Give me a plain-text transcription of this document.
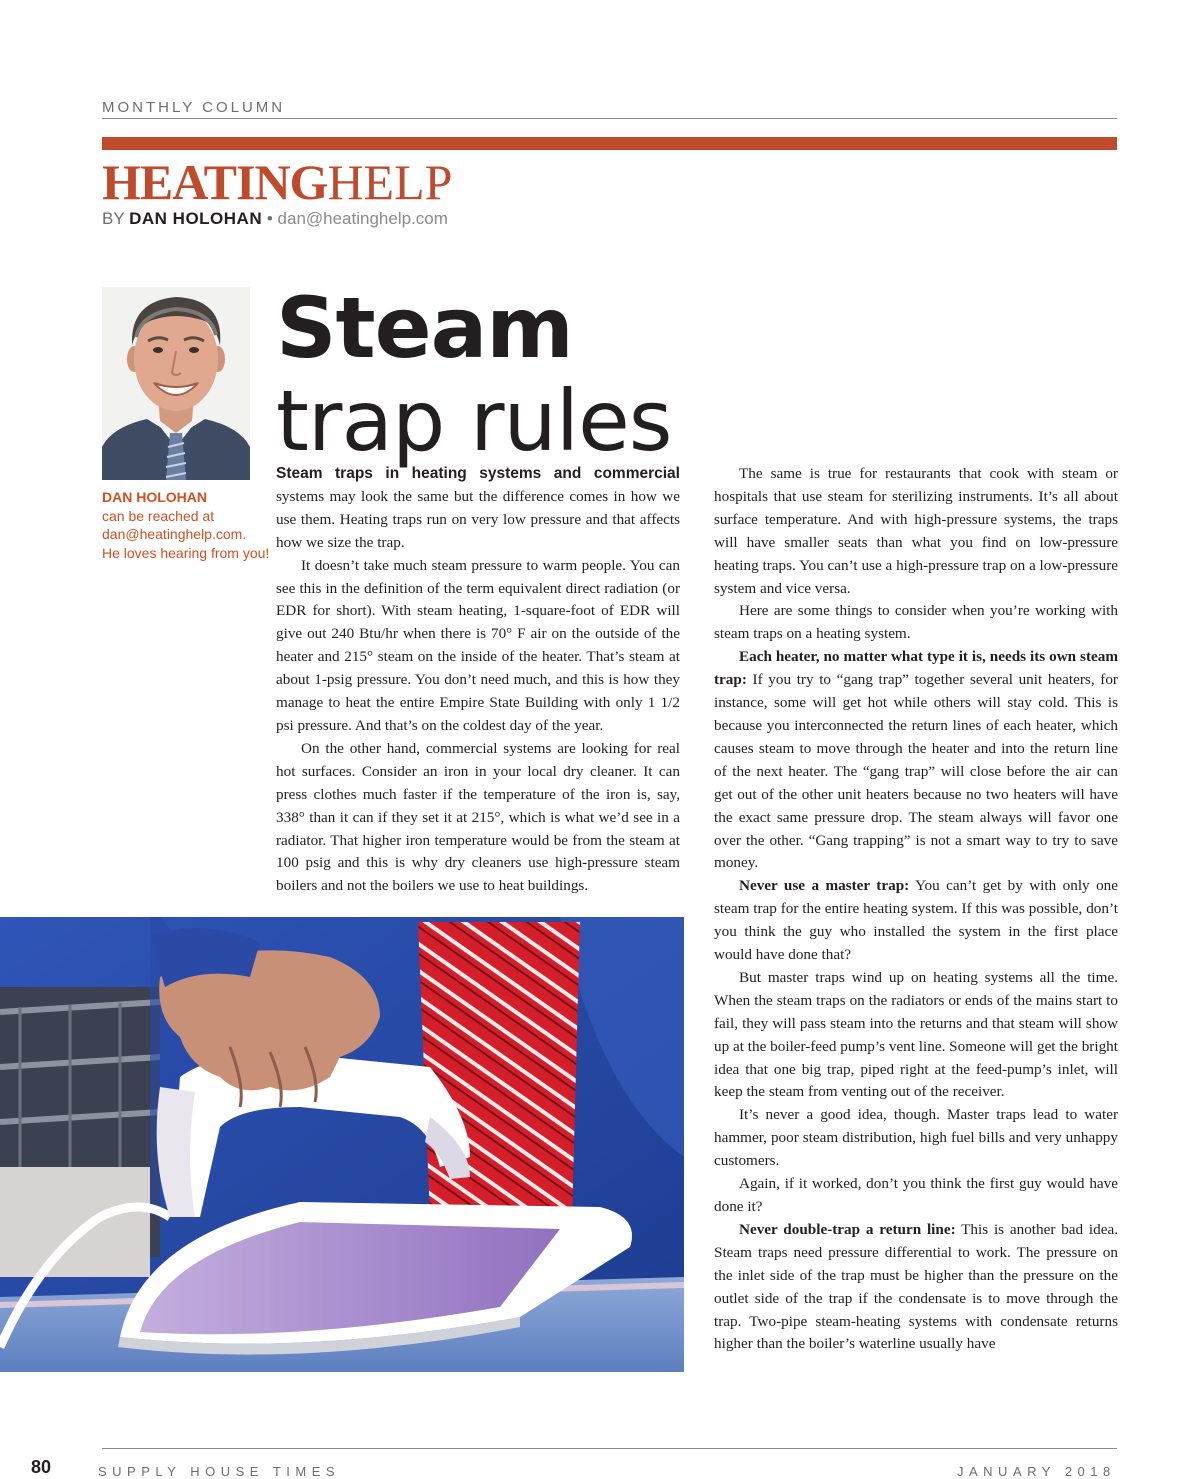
MONTHLY COLUMN
HEATINGHELP
BY DAN HOLOHAN • dan@heatinghelp.com
DAN HOLOHAN
can be reached at
dan@heatinghelp.com.
He loves hearing from you!
Steam
trap rules

Steam traps in heating systems and commercial systems may look the same but the difference comes in how we use them. Heating traps run on very low pressure and that affects how we size the trap.

It doesn’t take much steam pressure to warm people. You can see this in the definition of the term equivalent direct radiation (or EDR for short). With steam heating, 1-square-foot of EDR will give out 240 Btu/hr when there is 70° F air on the outside of the heater and 215° steam on the inside of the heater. That’s steam at about 1-psig pressure. You don’t need much, and this is how they manage to heat the entire Empire State Building with only 1 1/2 psi pressure. And that’s on the coldest day of the year.

On the other hand, commercial systems are looking for real hot surfaces. Consider an iron in your local dry cleaner. It can press clothes much faster if the temperature of the iron is, say, 338° than it can if they set it at 215°, which is what we’d see in a radiator. That higher iron temperature would be from the steam at 100 psig and this is why dry cleaners use high-pressure steam boilers and not the boilers we use to heat buildings.

The same is true for restaurants that cook with steam or hospitals that use steam for sterilizing instruments. It’s all about surface temperature. And with high-pressure systems, the traps will have smaller seats than what you find on low-pressure heating traps. You can’t use a high-pressure trap on a low-pressure system and vice versa.

Here are some things to consider when you’re working with steam traps on a heating system.

Each heater, no matter what type it is, needs its own steam trap: If you try to “gang trap” together several unit heaters, for instance, some will get hot while others will stay cold. This is because you interconnected the return lines of each heater, which causes steam to move through the heater and into the return line of the next heater. The “gang trap” will close before the air can get out of the other unit heaters because no two heaters will have the exact same pressure drop. The steam always will favor one over the other. “Gang trapping” is not a smart way to try to save money.

Never use a master trap: You can’t get by with only one steam trap for the entire heating system. If this was possible, don’t you think the guy who installed the system in the first place would have done that?

But master traps wind up on heating systems all the time. When the steam traps on the radiators or ends of the mains start to fail, they will pass steam into the returns and that steam will show up at the boiler-feed pump’s vent line. Someone will get the bright idea that one big trap, piped right at the feed-pump’s inlet, will keep the steam from venting out of the receiver.

It’s never a good idea, though. Master traps lead to water hammer, poor steam distribution, high fuel bills and very unhappy customers.

Again, if it worked, don’t you think the first guy would have done it?

Never double-trap a return line: This is another bad idea. Steam traps need pressure differential to work. The pressure on the inlet side of the trap must be higher than the pressure on the outlet side of the trap if the condensate is to move through the trap. Two-pipe steam-heating systems with condensate returns higher than the boiler’s waterline usually have

80	SUPPLY HOUSE TIMES	JANUARY 2018
